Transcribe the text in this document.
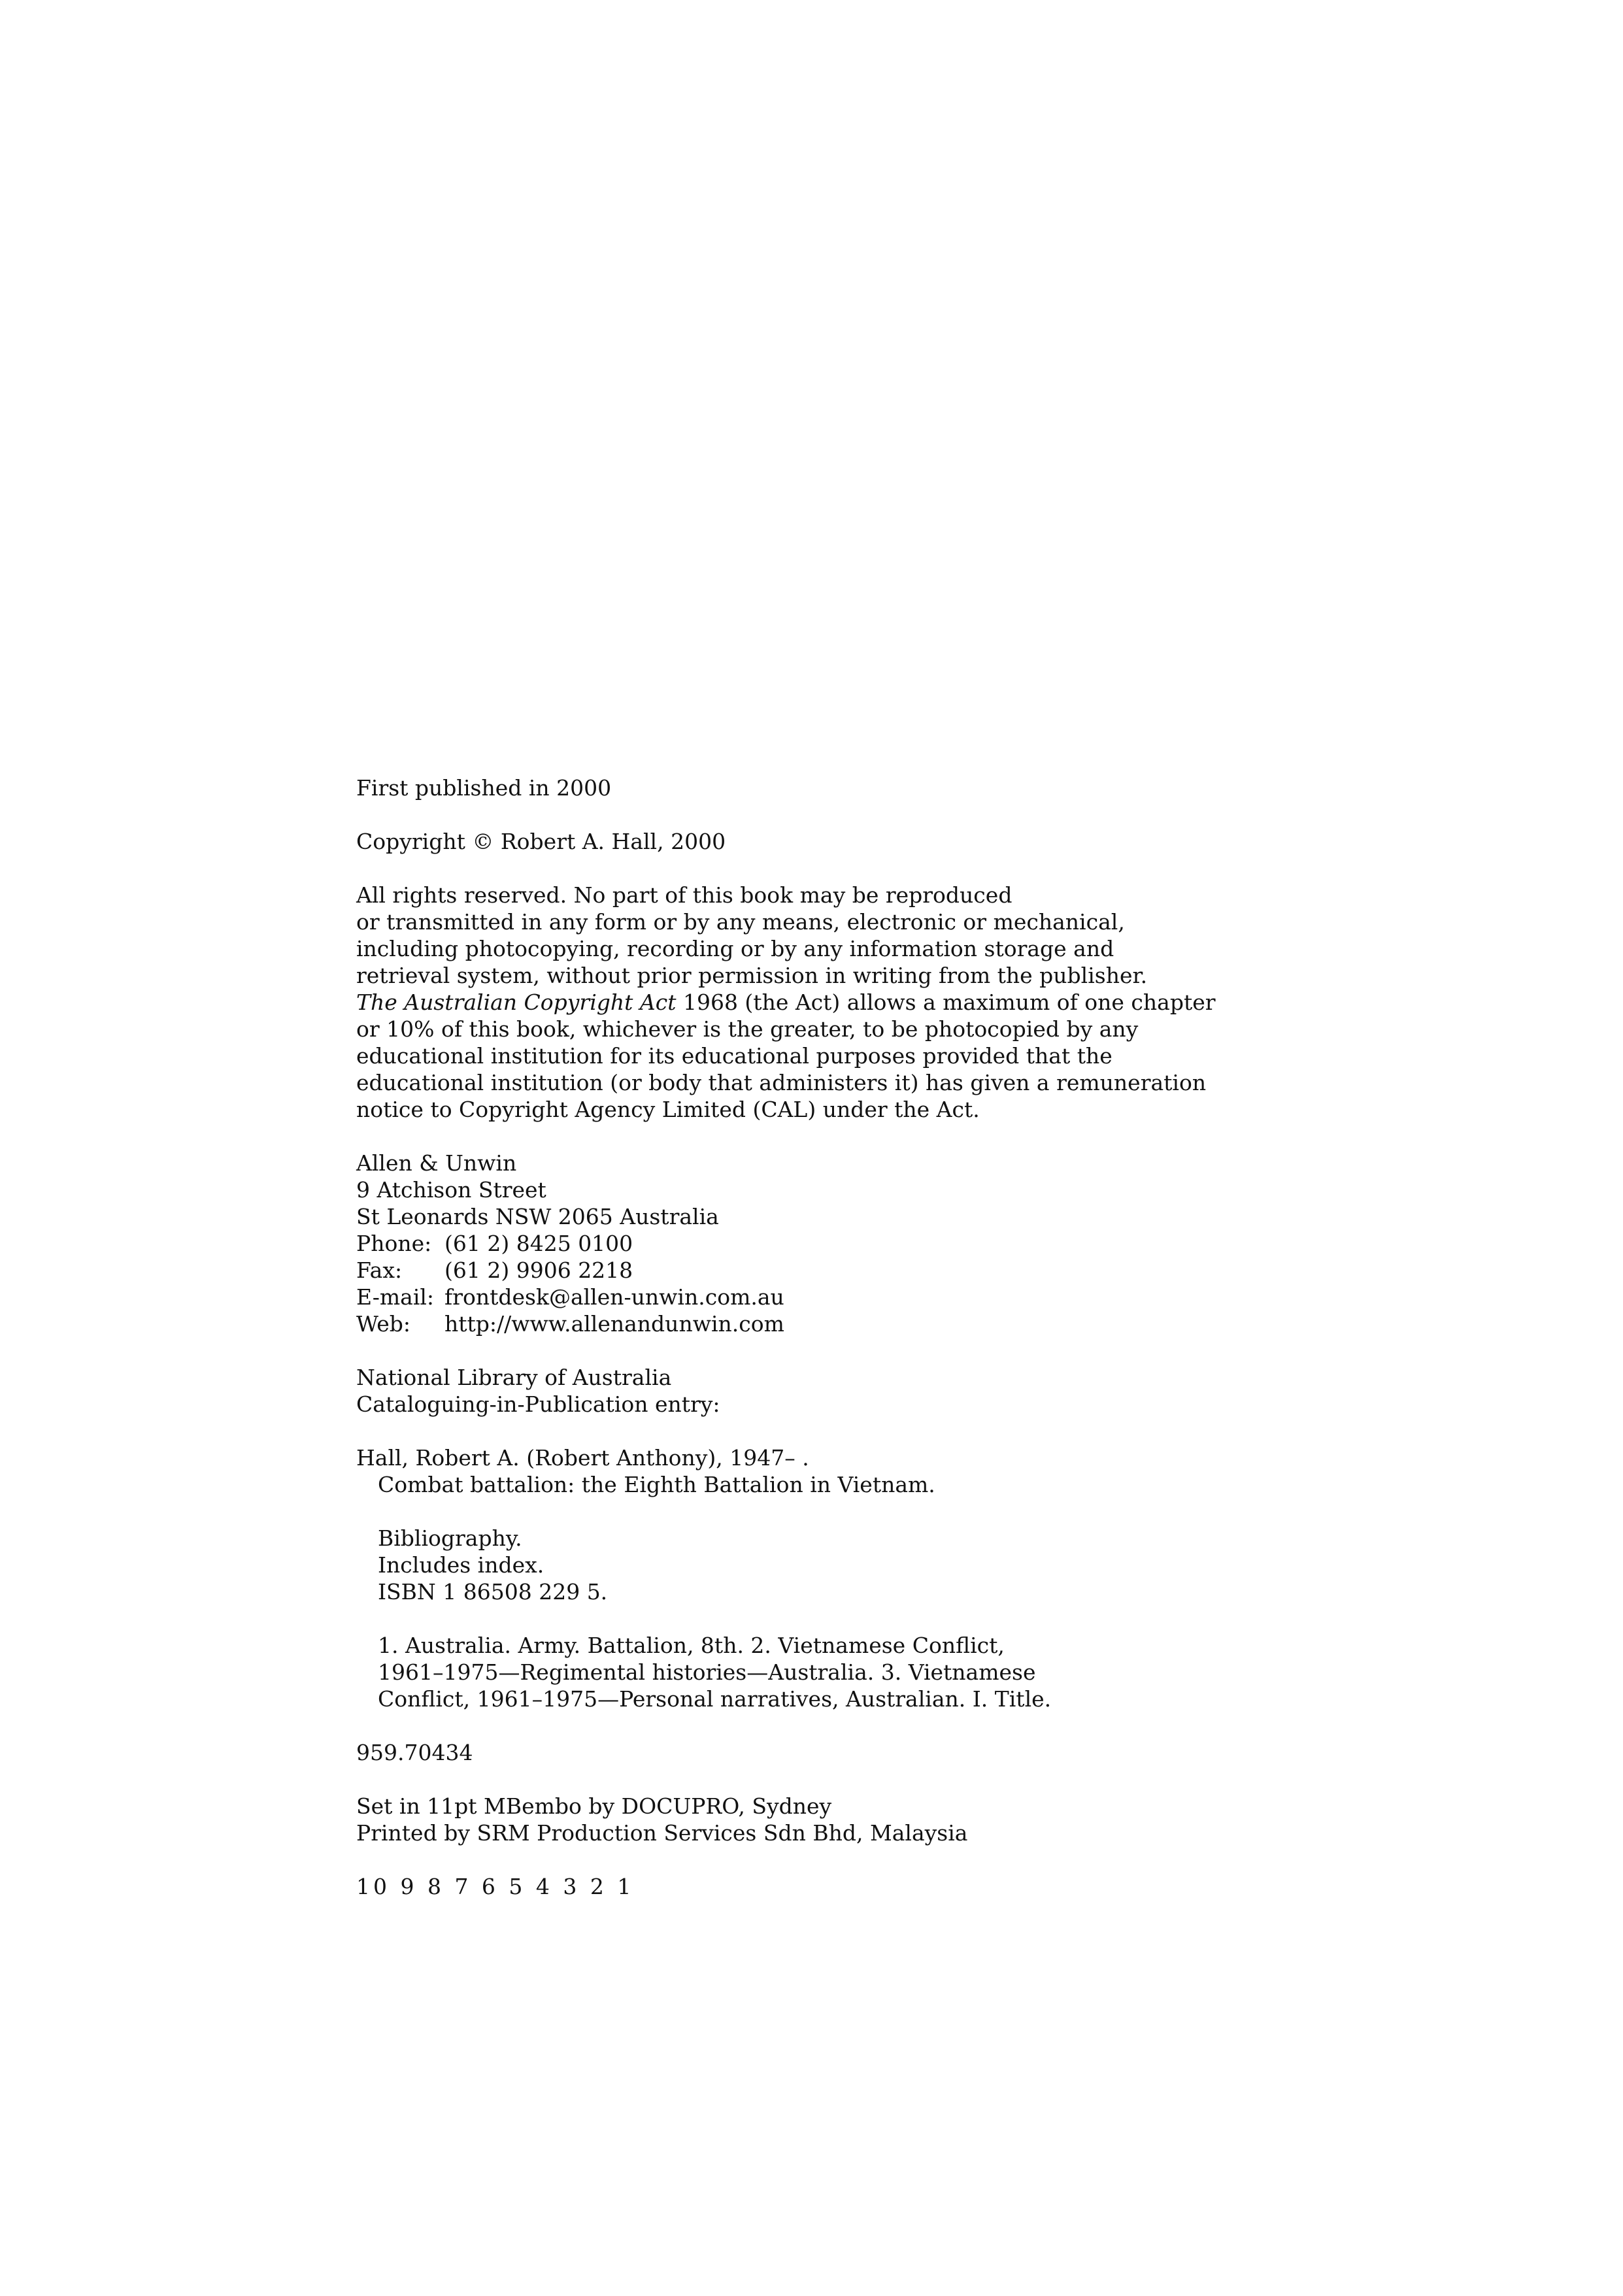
First published in 2000

Copyright © Robert A. Hall, 2000

All rights reserved. No part of this book may be reproduced
or transmitted in any form or by any means, electronic or mechanical,
including photocopying, recording or by any information storage and
retrieval system, without prior permission in writing from the publisher.
The Australian Copyright Act 1968 (the Act) allows a maximum of one chapter
or 10% of this book, whichever is the greater, to be photocopied by any
educational institution for its educational purposes provided that the
educational institution (or body that administers it) has given a remuneration
notice to Copyright Agency Limited (CAL) under the Act.
Allen & Unwin
9 Atchison Street
St Leonards NSW 2065 Australia
Phone: (61 2) 8425 0100
Fax:	(61 2) 9906 2218
E-mail: frontdesk@allen-unwin.com.au
Web:	http://www.allenandunwin.com
National Library of Australia
Cataloguing-in-Publication entry:
Hall, Robert A. (Robert Anthony), 1947– .
Combat battalion: the Eighth Battalion in Vietnam.
Bibliography.
Includes index.
ISBN 1 86508 229 5.
1. Australia. Army. Battalion, 8th. 2. Vietnamese Conflict,
1961–1975—Regimental histories—Australia. 3. Vietnamese
Conflict, 1961–1975—Personal narratives, Australian. I. Title.

959.70434

Set in 11pt MBembo by DOCUPRO, Sydney
Printed by SRM Production Services Sdn Bhd, Malaysia

10 9 8 7 6 5 4 3 2 1
